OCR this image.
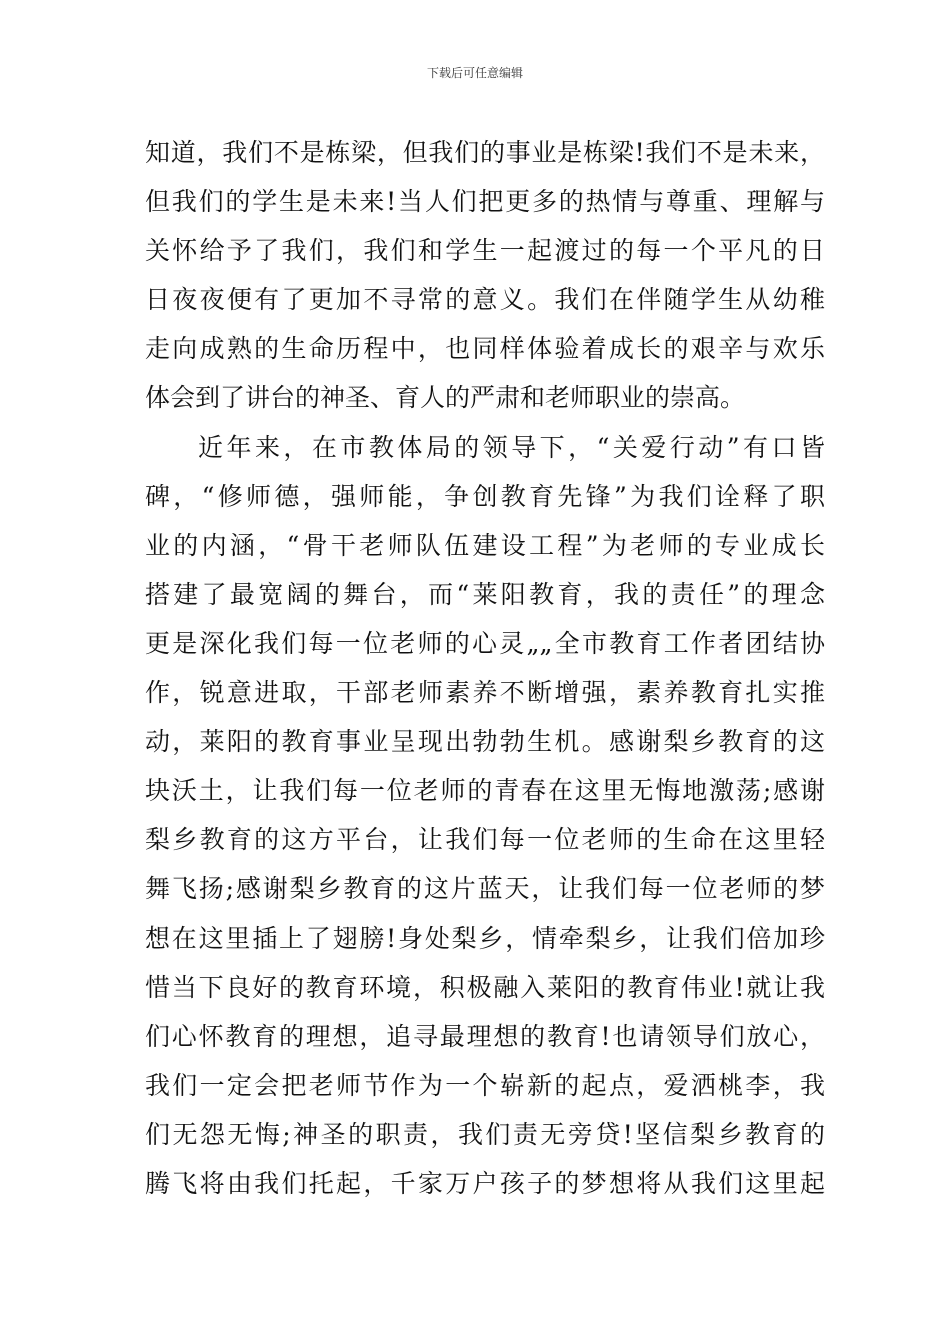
下载后可任意编辑
知道，我们不是栋梁，但我们的事业是栋梁!我们不是未来，
但我们的学生是未来!当人们把更多的热情与尊重、理解与
关怀给予了我们，我们和学生一起渡过的每一个平凡的日
日夜夜便有了更加不寻常的意义。我们在伴随学生从幼稚
走向成熟的生命历程中，也同样体验着成长的艰辛与欢乐
体会到了讲台的神圣、育人的严肃和老师职业的崇高。
近年来，在市教体局的领导下，“关爱行动”有口皆
碑，“修师德，强师能，争创教育先锋”为我们诠释了职
业的内涵，“骨干老师队伍建设工程”为老师的专业成长
搭建了最宽阔的舞台，而“莱阳教育，我的责任”的理念
更是深化我们每一位老师的心灵„„全市教育工作者团结协
作，锐意进取，干部老师素养不断增强，素养教育扎实推
动，莱阳的教育事业呈现出勃勃生机。感谢梨乡教育的这
块沃土，让我们每一位老师的青春在这里无悔地激荡;感谢
梨乡教育的这方平台，让我们每一位老师的生命在这里轻
舞飞扬;感谢梨乡教育的这片蓝天，让我们每一位老师的梦
想在这里插上了翅膀!身处梨乡，情牵梨乡，让我们倍加珍
惜当下良好的教育环境，积极融入莱阳的教育伟业!就让我
们心怀教育的理想，追寻最理想的教育!也请领导们放心，
我们一定会把老师节作为一个崭新的起点，爱洒桃李，我
们无怨无悔;神圣的职责，我们责无旁贷!坚信梨乡教育的
腾飞将由我们托起，千家万户孩子的梦想将从我们这里起
